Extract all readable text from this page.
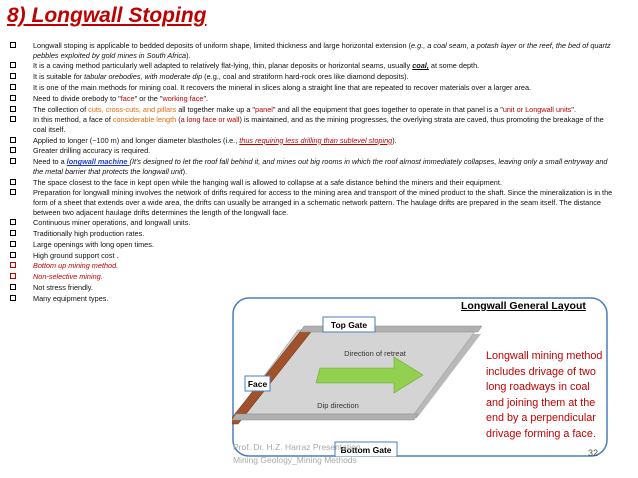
8) Longwall Stoping
Longwall stoping is applicable to bedded deposits of uniform shape, limited thickness and large horizontal extension (e.g., a coal seam, a potash layer or the reef, the bed of quartz pebbles exploited by gold mines in South Africa).
It is a caving method particularly well adapted to relatively flat-lying, thin, planar deposits or horizontal seams, usually coal, at some depth.
It is suitable for tabular orebodies, with moderate dip (e.g., coal and stratiform hard-rock ores like diamond deposits).
It is one of the main methods for mining coal. It recovers the mineral in slices along a straight line that are repeated to recover materials over a larger area.
Need to divide orebody to "face" or the "working face".
The collection of cuts, cross-cuts, and pillars all together make up a "panel" and all the equipment that goes together to operate in that panel is a "unit or Longwall units".
In this method, a face of considerable length (a long face or wall) is maintained, and as the mining progresses, the overlying strata are caved, thus promoting the breakage of the coal itself.
Applied to longer (~100 m) and longer diameter blastholes (i.e., thus requiring less drilling than sublevel stoping).
Greater drilling accuracy is required.
Need to a longwall machine (It's designed to let the roof fall behind it, and mines out big rooms in which the roof almost immediately collapses, leaving only a small entryway and the metal barrier that protects the longwall unit).
The space closest to the face in kept open while the hanging wall is allowed to collapse at a safe distance behind the miners and their equipment.
Preparation for longwall mining involves the network of drifts required for access to the mining area and transport of the mined product to the shaft. Since the mineralization is in the form of a sheet that extends over a wide area, the drifts can usually be arranged in a schematic network pattern. The haulage drifts are prepared in the seam itself. The distance between two adjacent haulage drifts determines the length of the longwall face.
Continuous miner operations, and longwall units.
Traditionally high production rates.
Large openings with long open times.
High ground support cost .
Bottom up mining method.
Non-selective mining.
Not stress friendly.
Many equipment types.
Top Gate
Direction of retreat
Face
Dip direction
Bottom Gate
Longwall General Layout
Longwall mining method includes drivage of two long roadways in coal and joining them at the end by a perpendicular drivage forming a face.
Prof. Dr. H.Z. Harraz Presentation
Mining Geology_Mining Methods
32
